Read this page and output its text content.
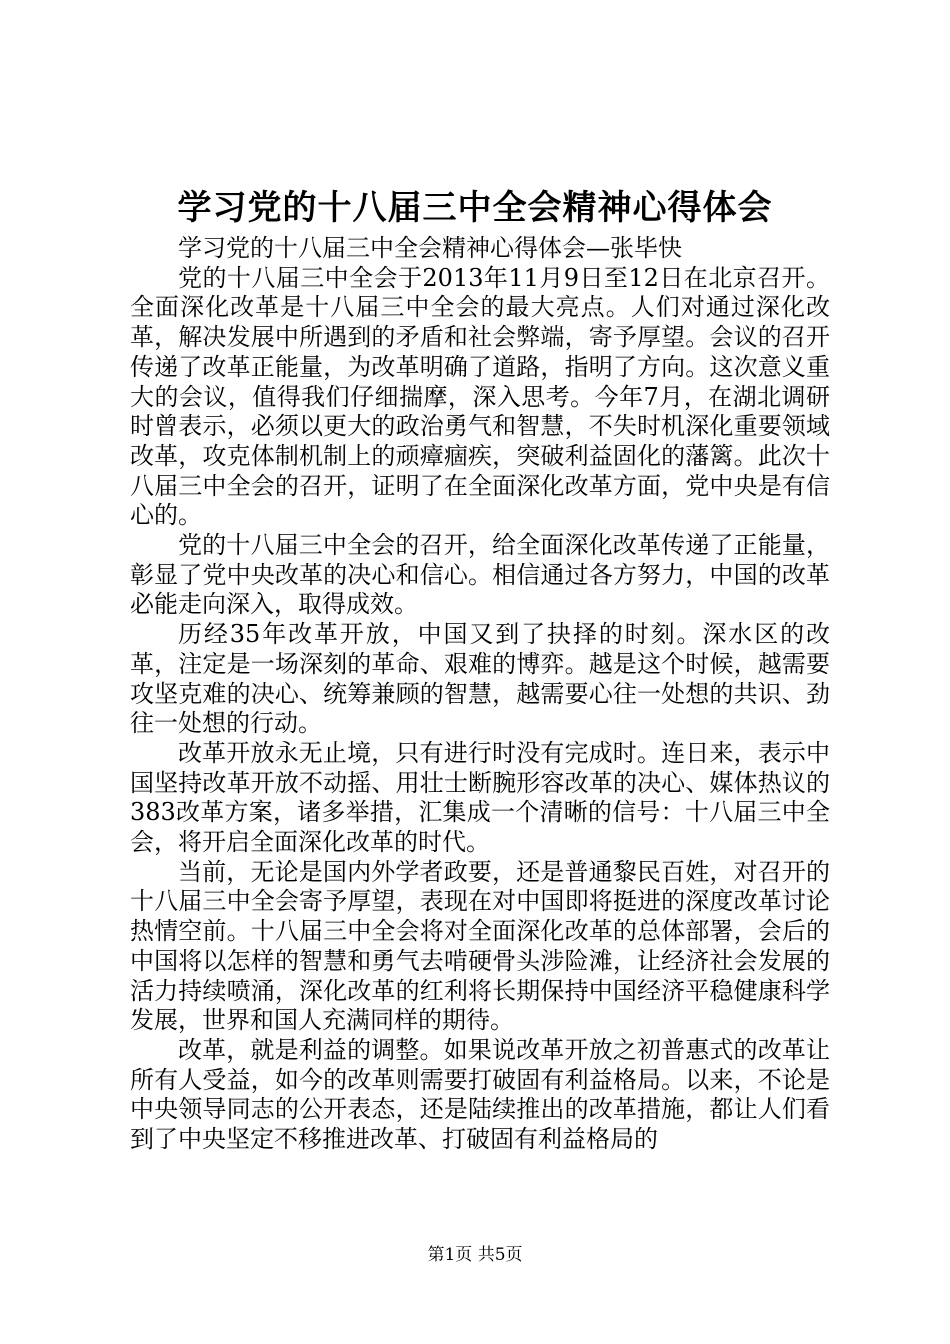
学习党的十八届三中全会精神心得体会

学习党的十八届三中全会精神心得体会—张毕快

党的十八届三中全会于2013年11月9日至12日在北京召开。全面深化改革是十八届三中全会的最大亮点。人们对通过深化改革，解决发展中所遇到的矛盾和社会弊端，寄予厚望。会议的召开传递了改革正能量，为改革明确了道路，指明了方向。这次意义重大的会议，值得我们仔细揣摩，深入思考。今年7月，在湖北调研时曾表示，必须以更大的政治勇气和智慧，不失时机深化重要领域改革，攻克体制机制上的顽瘴痼疾，突破利益固化的藩篱。此次十八届三中全会的召开，证明了在全面深化改革方面，党中央是有信心的。

党的十八届三中全会的召开，给全面深化改革传递了正能量，彰显了党中央改革的决心和信心。相信通过各方努力，中国的改革必能走向深入，取得成效。

历经35年改革开放，中国又到了抉择的时刻。深水区的改革，注定是一场深刻的革命、艰难的博弈。越是这个时候，越需要攻坚克难的决心、统筹兼顾的智慧，越需要心往一处想的共识、劲往一处想的行动。

改革开放永无止境，只有进行时没有完成时。连日来，表示中国坚持改革开放不动摇、用壮士断腕形容改革的决心、媒体热议的383改革方案，诸多举措，汇集成一个清晰的信号：十八届三中全会，将开启全面深化改革的时代。

当前，无论是国内外学者政要，还是普通黎民百姓，对召开的十八届三中全会寄予厚望，表现在对中国即将挺进的深度改革讨论热情空前。十八届三中全会将对全面深化改革的总体部署，会后的中国将以怎样的智慧和勇气去啃硬骨头涉险滩，让经济社会发展的活力持续喷涌，深化改革的红利将长期保持中国经济平稳健康科学发展，世界和国人充满同样的期待。

改革，就是利益的调整。如果说改革开放之初普惠式的改革让所有人受益，如今的改革则需要打破固有利益格局。以来，不论是中央领导同志的公开表态，还是陆续推出的改革措施，都让人们看到了中央坚定不移推进改革、打破固有利益格局的

第1页 共5页
